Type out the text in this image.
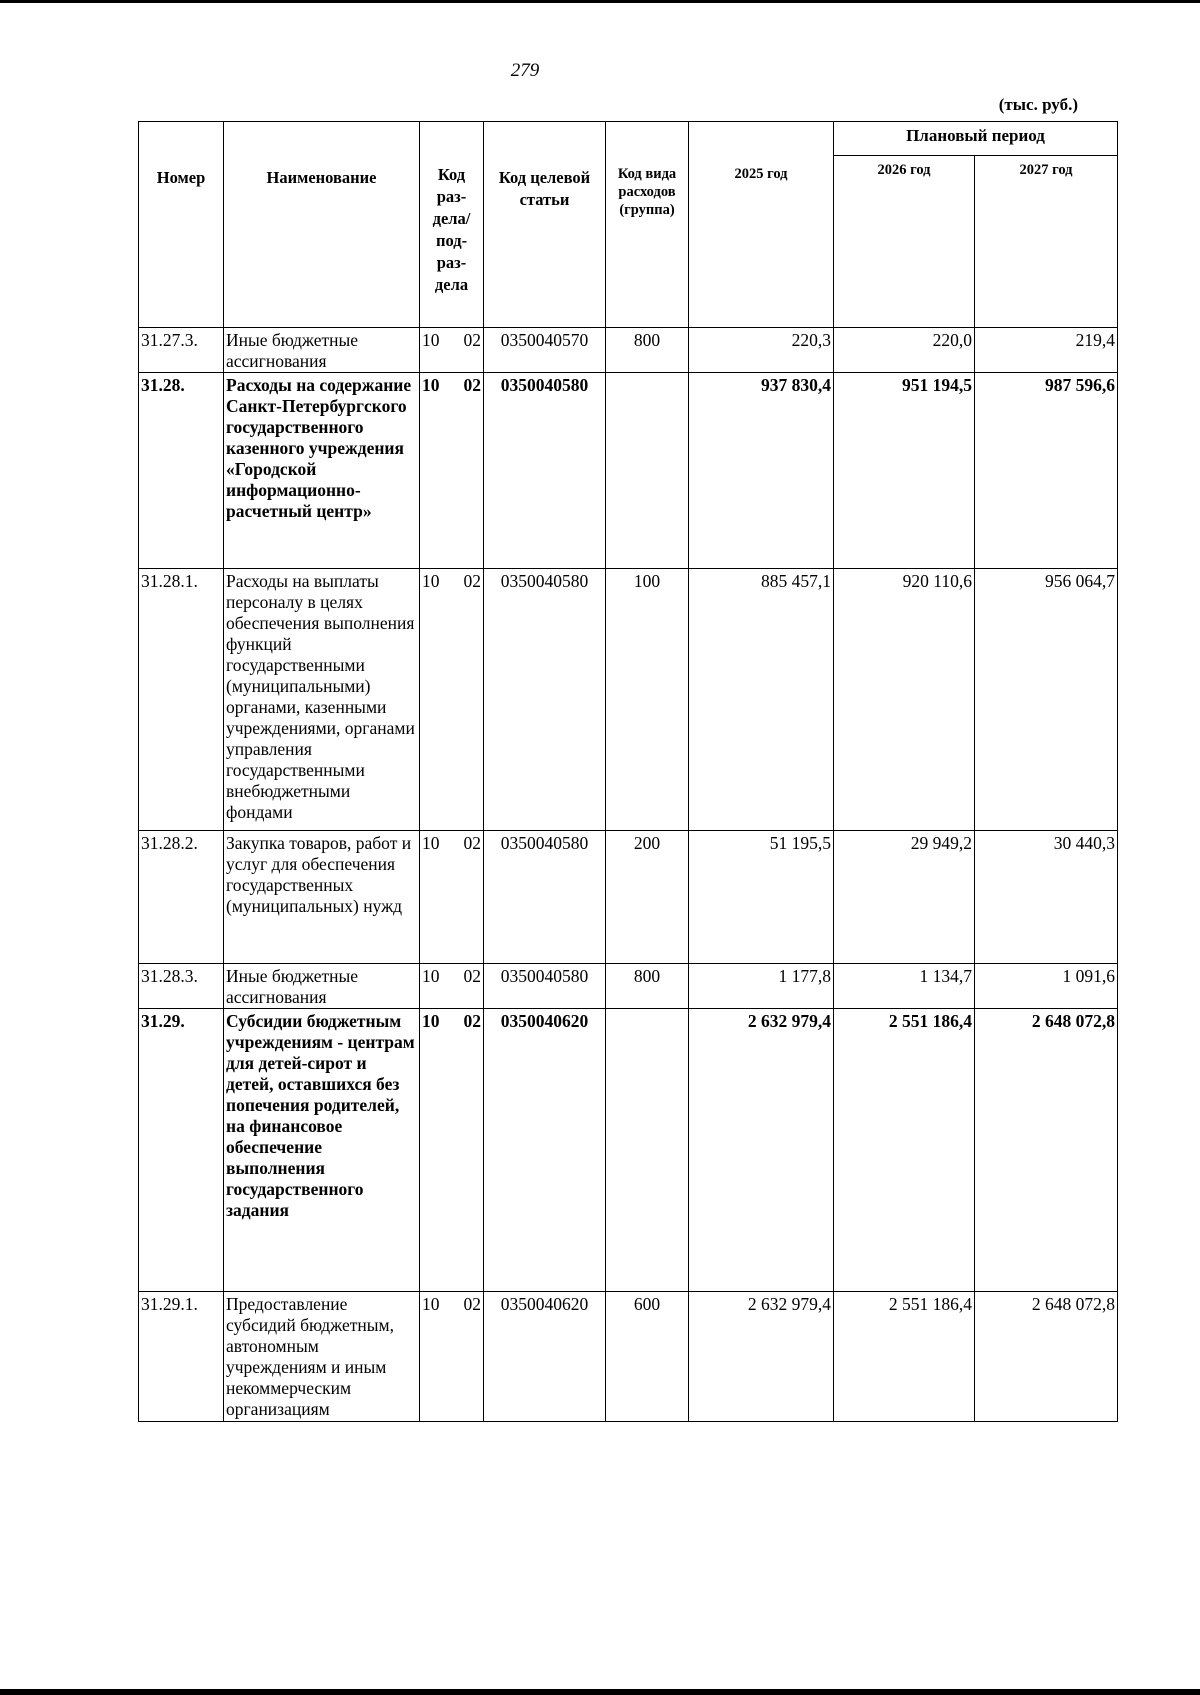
279
(тыс. руб.)
Номер	Наименование	Код раз-дела/ под-раз-дела	Код целевой статьи	Код вида расходов (группа)	2025 год	Плановый период	
						2026 год	2027 год
31.27.3.	Иные бюджетные ассигнования	10 02	0350040570	800	220,3	220,0	219,4
31.28.	Расходы на содержание Санкт-Петербургского государственного казенного учреждения «Городской информационно-расчетный центр»	10 02	0350040580		937 830,4	951 194,5	987 596,6
31.28.1.	Расходы на выплаты персоналу в целях обеспечения выполнения функций государственными (муниципальными) органами, казенными учреждениями, органами управления государственными внебюджетными фондами	10 02	0350040580	100	885 457,1	920 110,6	956 064,7
31.28.2.	Закупка товаров, работ и услуг для обеспечения государственных (муниципальных) нужд	10 02	0350040580	200	51 195,5	29 949,2	30 440,3
31.28.3.	Иные бюджетные ассигнования	10 02	0350040580	800	1 177,8	1 134,7	1 091,6
31.29.	Субсидии бюджетным учреждениям - центрам для детей-сирот и детей, оставшихся без попечения родителей, на финансовое обеспечение выполнения государственного задания	10 02	0350040620		2 632 979,4	2 551 186,4	2 648 072,8
31.29.1.	Предоставление субсидий бюджетным, автономным учреждениям и иным некоммерческим организациям	10 02	0350040620	600	2 632 979,4	2 551 186,4	2 648 072,8
